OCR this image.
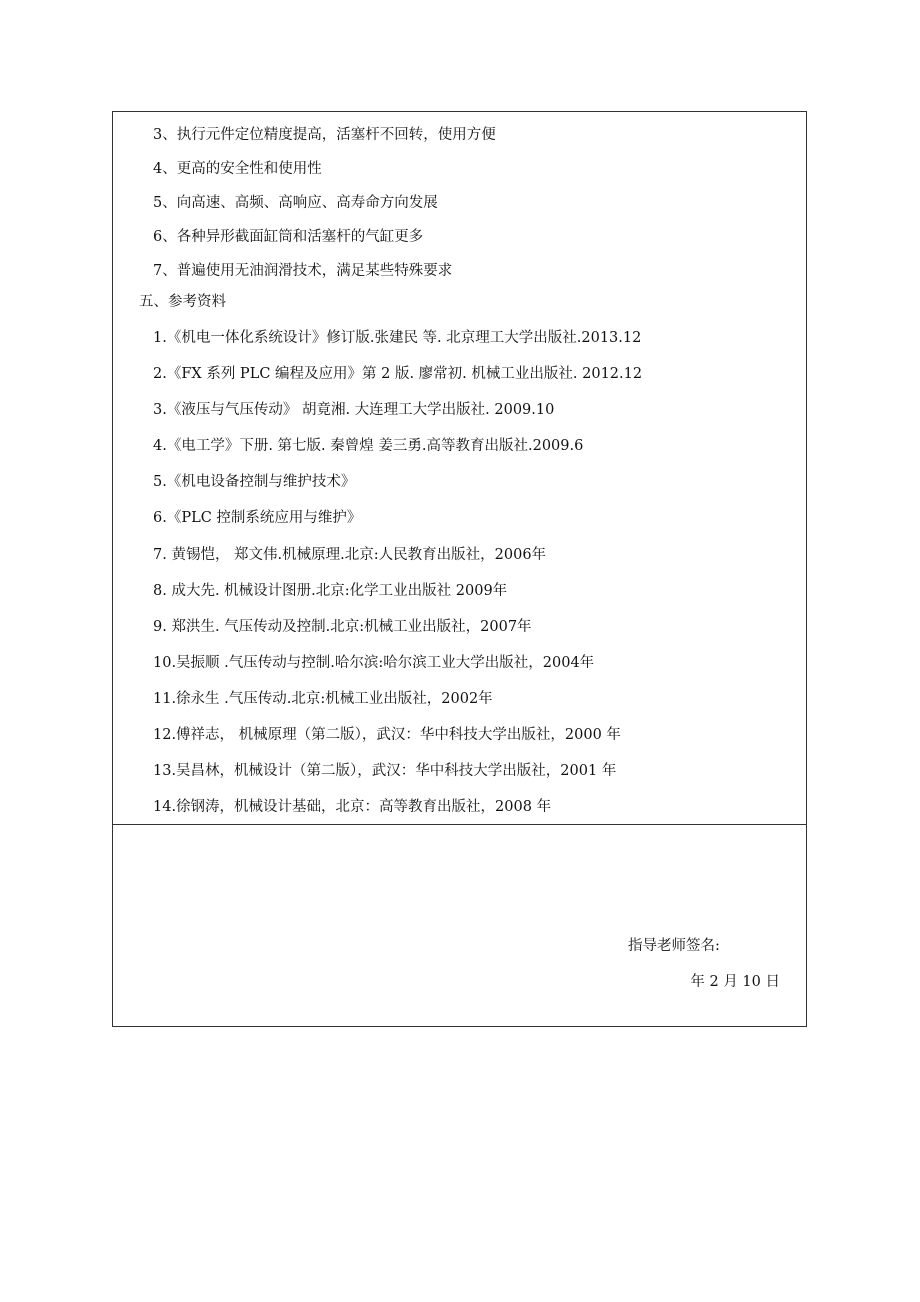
3、执行元件定位精度提高，活塞杆不回转，使用方便
4、更高的安全性和使用性
5、向高速、高频、高响应、高寿命方向发展
6、各种异形截面缸筒和活塞杆的气缸更多
7、普遍使用无油润滑技术，满足某些特殊要求
五、参考资料
1.《机电一体化系统设计》修订版.张建民 等. 北京理工大学出版社.2013.12
2.《FX 系列 PLC 编程及应用》第 2 版. 廖常初. 机械工业出版社. 2012.12
3.《液压与气压传动》 胡竟湘. 大连理工大学出版社. 2009.10
4.《电工学》下册. 第七版. 秦曾煌 姜三勇.高等教育出版社.2009.6
5.《机电设备控制与维护技术》
6.《PLC 控制系统应用与维护》
7. 黄锡恺， 郑文伟.机械原理.北京:人民教育出版社，2006年
8. 成大先. 机械设计图册.北京:化学工业出版社 2009年
9. 郑洪生. 气压传动及控制.北京:机械工业出版社，2007年
10.吴振顺 .气压传动与控制.哈尔滨:哈尔滨工业大学出版社，2004年
11.徐永生 .气压传动.北京:机械工业出版社，2002年
12.傅祥志， 机械原理（第二版），武汉：华中科技大学出版社，2000 年
13.吴昌林，机械设计（第二版），武汉：华中科技大学出版社，2001 年
14.徐钢涛，机械设计基础，北京：高等教育出版社，2008 年
指导老师签名:
年 2 月 10 日
